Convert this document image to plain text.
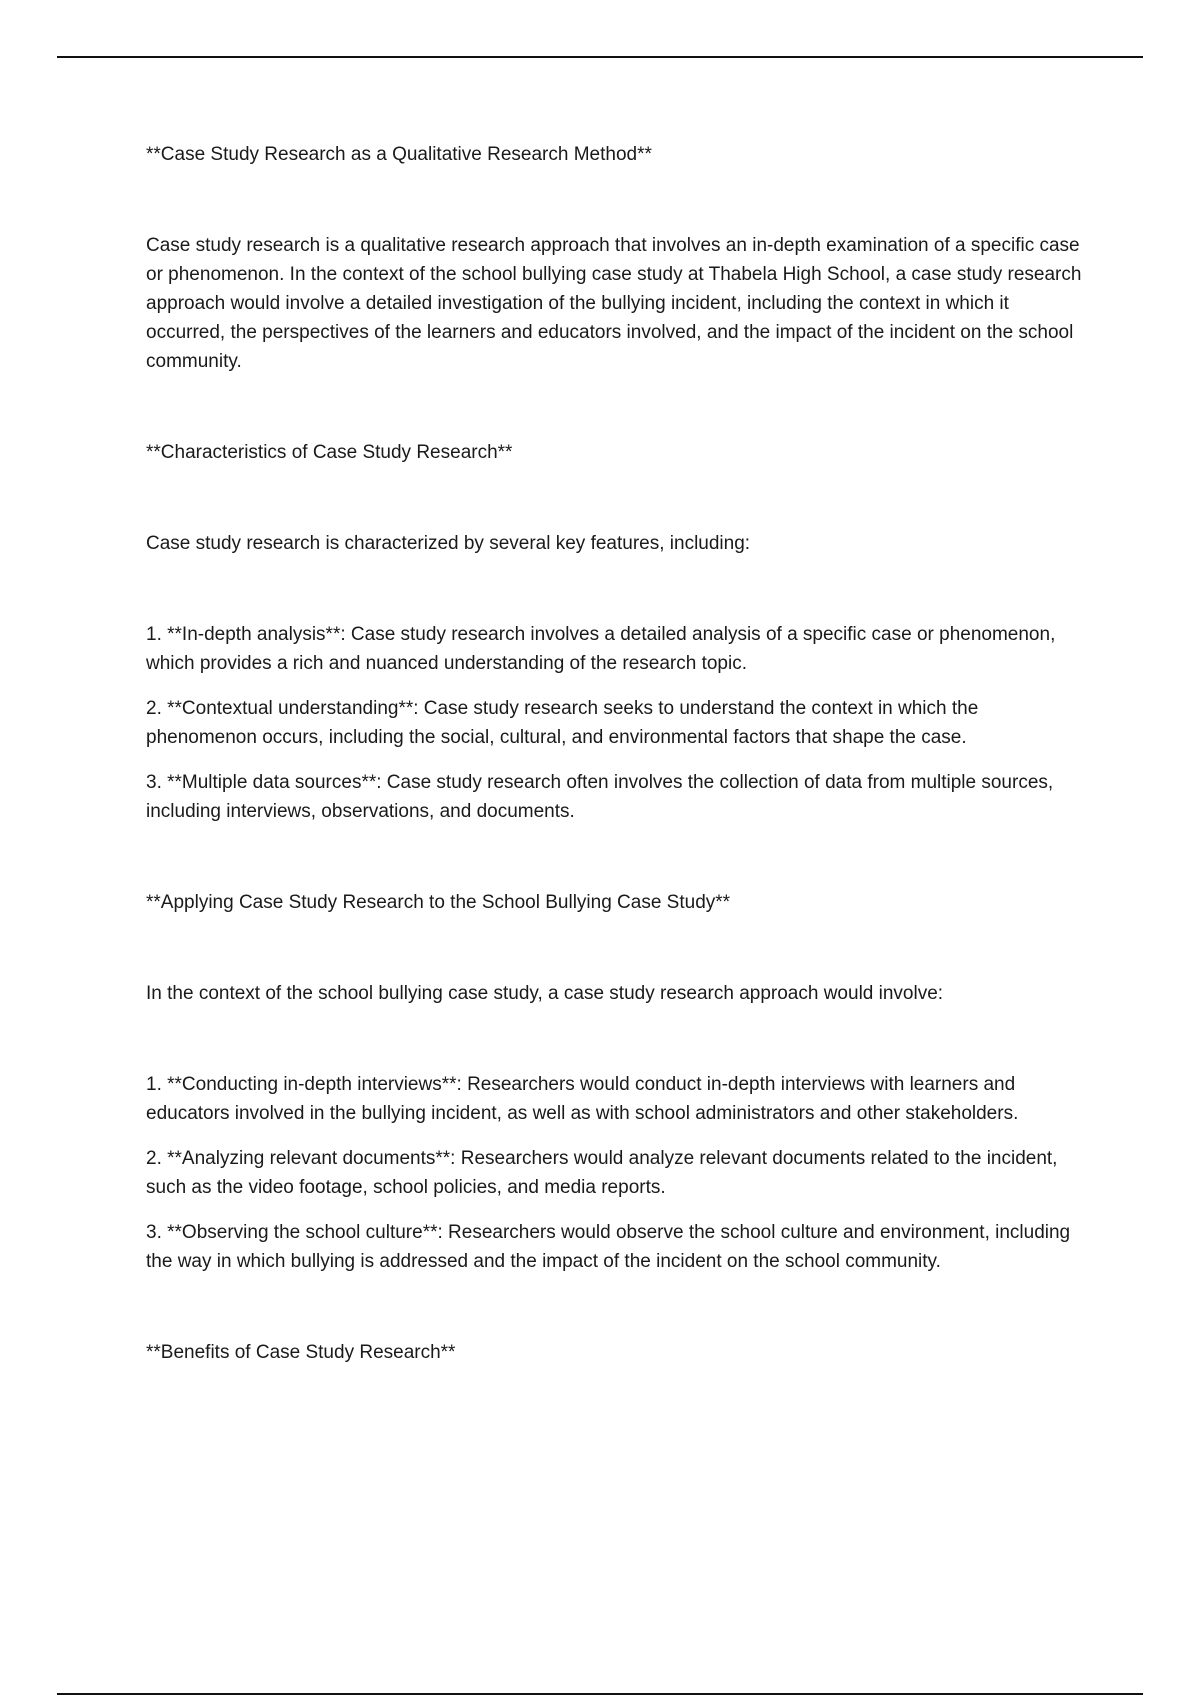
**Case Study Research as a Qualitative Research Method**

Case study research is a qualitative research approach that involves an in-depth examination of a specific case or phenomenon. In the context of the school bullying case study at Thabela High School, a case study research approach would involve a detailed investigation of the bullying incident, including the context in which it occurred, the perspectives of the learners and educators involved, and the impact of the incident on the school community.

**Characteristics of Case Study Research**

Case study research is characterized by several key features, including:

1. **In-depth analysis**: Case study research involves a detailed analysis of a specific case or phenomenon, which provides a rich and nuanced understanding of the research topic.

2. **Contextual understanding**: Case study research seeks to understand the context in which the phenomenon occurs, including the social, cultural, and environmental factors that shape the case.

3. **Multiple data sources**: Case study research often involves the collection of data from multiple sources, including interviews, observations, and documents.

**Applying Case Study Research to the School Bullying Case Study**

In the context of the school bullying case study, a case study research approach would involve:

1. **Conducting in-depth interviews**: Researchers would conduct in-depth interviews with learners and educators involved in the bullying incident, as well as with school administrators and other stakeholders.

2. **Analyzing relevant documents**: Researchers would analyze relevant documents related to the incident, such as the video footage, school policies, and media reports.

3. **Observing the school culture**: Researchers would observe the school culture and environment, including the way in which bullying is addressed and the impact of the incident on the school community.

**Benefits of Case Study Research**
